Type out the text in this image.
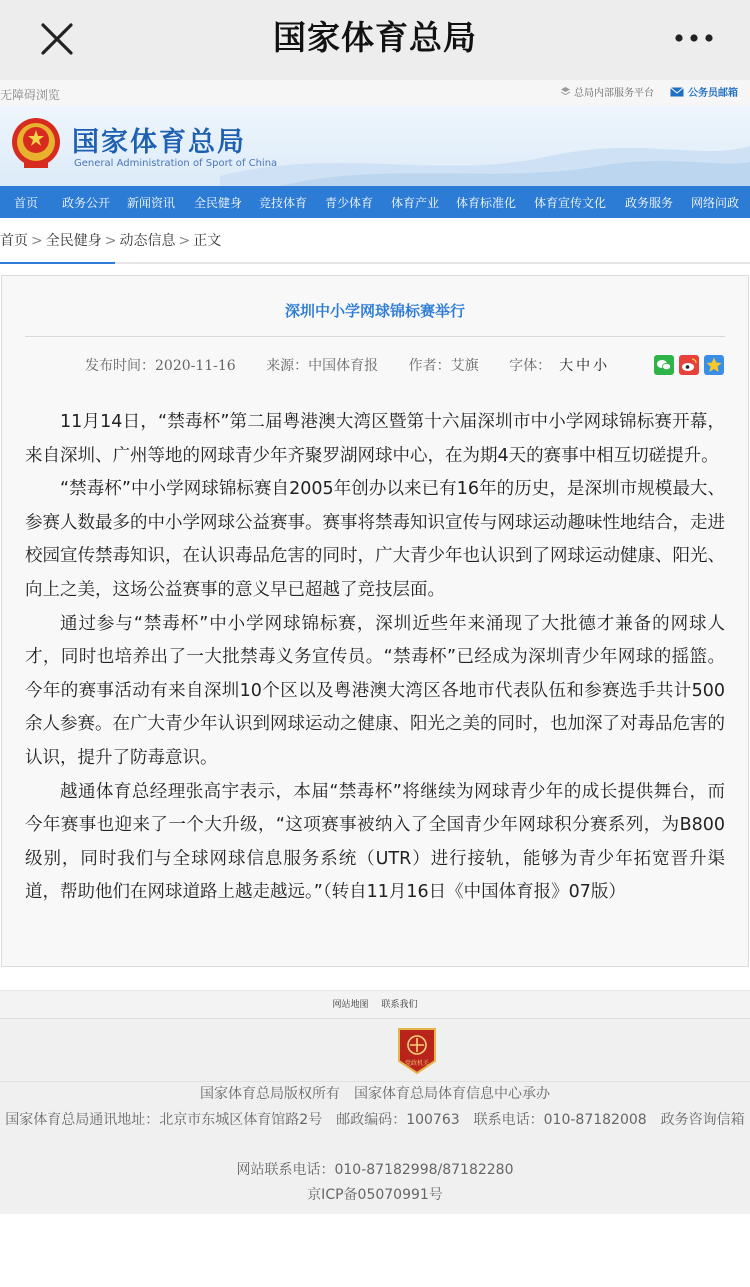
国家体育总局
无障碍浏览	总局内部服务平台	公务员邮箱
国家体育总局
General Administration of Sport of China
首页 政务公开 新闻资讯 全民健身 竞技体育 青少体育 体育产业 体育标准化 体育宣传文化 政务服务 网络问政
首页 > 全民健身 > 动态信息 > 正文
深圳中小学网球锦标赛举行
发布时间：2020-11-16 来源：中国体育报 作者：艾旗 字体： 大 中 小

11月14日，“禁毒杯”第二届粤港澳大湾区暨第十六届深圳市中小学网球锦标赛开幕，来自深圳、广州等地的网球青少年齐聚罗湖网球中心，在为期4天的赛事中相互切磋提升。

“禁毒杯”中小学网球锦标赛自2005年创办以来已有16年的历史，是深圳市规模最大、参赛人数最多的中小学网球公益赛事。赛事将禁毒知识宣传与网球运动趣味性地结合，走进校园宣传禁毒知识，在认识毒品危害的同时，广大青少年也认识到了网球运动健康、阳光、向上之美，这场公益赛事的意义早已超越了竞技层面。

通过参与“禁毒杯”中小学网球锦标赛，深圳近些年来涌现了大批德才兼备的网球人才，同时也培养出了一大批禁毒义务宣传员。“禁毒杯”已经成为深圳青少年网球的摇篮。今年的赛事活动有来自深圳10个区以及粤港澳大湾区各地市代表队伍和参赛选手共计500余人参赛。在广大青少年认识到网球运动之健康、阳光之美的同时，也加深了对毒品危害的认识，提升了防毒意识。

越通体育总经理张高宇表示，本届“禁毒杯”将继续为网球青少年的成长提供舞台，而今年赛事也迎来了一个大升级，“这项赛事被纳入了全国青少年网球积分赛系列，为B800级别，同时我们与全球网球信息服务系统（UTR）进行接轨，能够为青少年拓宽晋升渠道，帮助他们在网球道路上越走越远。”（转自11月16日《中国体育报》07版）

网站地图 联系我们
党政机关
国家体育总局版权所有　国家体育总局体育信息中心承办
国家体育总局通讯地址：北京市东城区体育馆路2号　邮政编码：100763　联系电话：010-87182008　政务咨询信箱
网站联系电话：010-87182998/87182280
京ICP备05070991号
